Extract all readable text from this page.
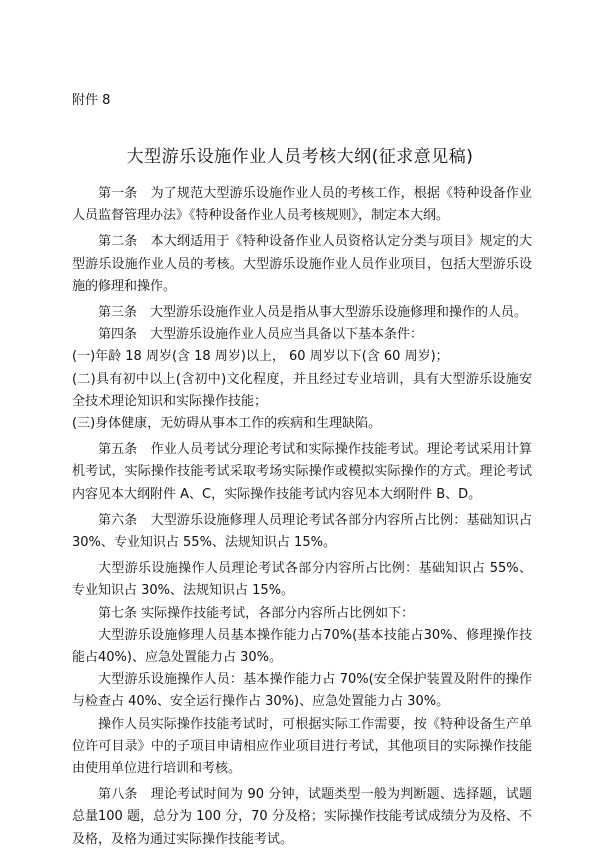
附件 8
大型游乐设施作业人员考核大纲(征求意见稿)

第一条　为了规范大型游乐设施作业人员的考核工作，根据《特种设备作业人员监督管理办法》《特种设备作业人员考核规则》，制定本大纲。

第二条　本大纲适用于《特种设备作业人员资格认定分类与项目》规定的大型游乐设施作业人员的考核。大型游乐设施作业人员作业项目，包括大型游乐设施的修理和操作。

第三条　大型游乐设施作业人员是指从事大型游乐设施修理和操作的人员。

第四条　大型游乐设施作业人员应当具备以下基本条件：

(一)年龄 18 周岁(含 18 周岁)以上， 60 周岁以下(含 60 周岁)；

(二)具有初中以上(含初中)文化程度，并且经过专业培训，具有大型游乐设施安全技术理论知识和实际操作技能；

(三)身体健康，无妨碍从事本工作的疾病和生理缺陷。

第五条　作业人员考试分理论考试和实际操作技能考试。理论考试采用计算机考试，实际操作技能考试采取考场实际操作或模拟实际操作的方式。理论考试内容见本大纲附件 A、C，实际操作技能考试内容见本大纲附件 B、D。

第六条　大型游乐设施修理人员理论考试各部分内容所占比例：基础知识占30%、专业知识占 55%、法规知识占 15%。

大型游乐设施操作人员理论考试各部分内容所占比例：基础知识占 55%、专业知识占 30%、法规知识占 15%。

第七条 实际操作技能考试，各部分内容所占比例如下：

大型游乐设施修理人员基本操作能力占70%(基本技能占30%、修理操作技能占40%)、应急处置能力占 30%。

大型游乐设施操作人员：基本操作能力占 70%(安全保护装置及附件的操作与检查占 40%、安全运行操作占 30%)、应急处置能力占 30%。

操作人员实际操作技能考试时，可根据实际工作需要，按《特种设备生产单位许可目录》中的子项目申请相应作业项目进行考试，其他项目的实际操作技能由使用单位进行培训和考核。

第八条　理论考试时间为 90 分钟，试题类型一般为判断题、选择题，试题总量100 题，总分为 100 分，70 分及格；实际操作技能考试成绩分为及格、不及格，及格为通过实际操作技能考试。
